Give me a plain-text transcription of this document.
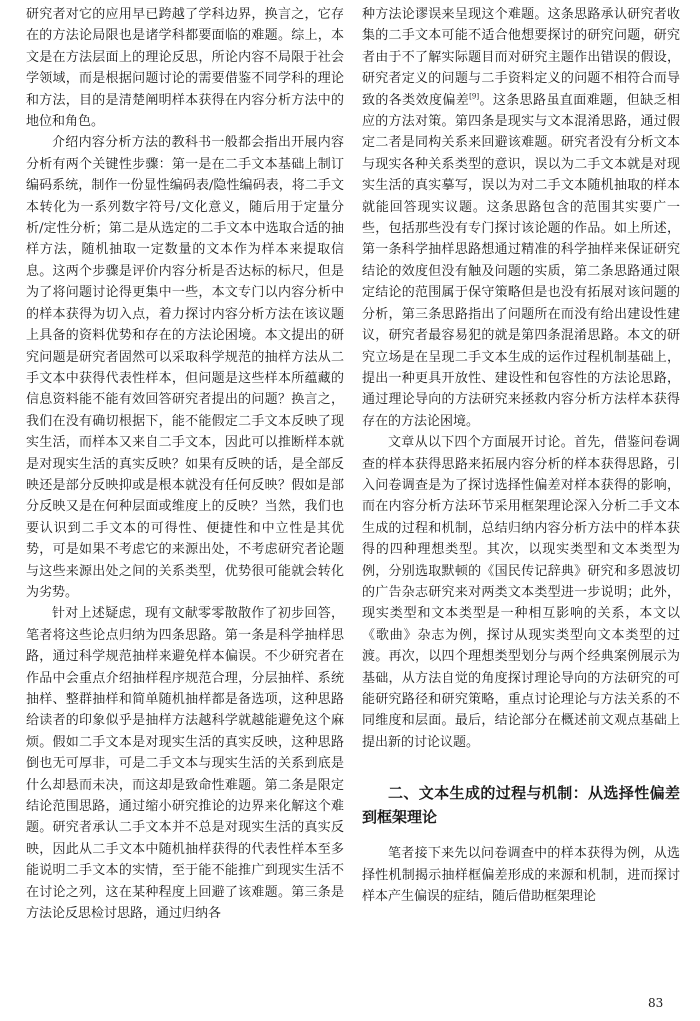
研究者对它的应用早已跨越了学科边界，换言之，它存在的方法论局限也是诸学科都要面临的难题。综上，本文是在方法层面上的理论反思，所论内容不局限于社会学领域，而是根据问题讨论的需要借鉴不同学科的理论和方法，目的是清楚阐明样本获得在内容分析方法中的地位和角色。

介绍内容分析方法的教科书一般都会指出开展内容分析有两个关键性步骤：第一是在二手文本基础上制订编码系统，制作一份显性编码表/隐性编码表，将二手文本转化为一系列数字符号/文化意义，随后用于定量分析/定性分析；第二是从选定的二手文本中选取合适的抽样方法，随机抽取一定数量的文本作为样本来提取信息。这两个步骤是评价内容分析是否达标的标尺，但是为了将问题讨论得更集中一些，本文专门以内容分析中的样本获得为切入点，着力探讨内容分析方法在该议题上具备的资料优势和存在的方法论困境。本文提出的研究问题是研究者固然可以采取科学规范的抽样方法从二手文本中获得代表性样本，但问题是这些样本所蕴藏的信息资料能不能有效回答研究者提出的问题？换言之，我们在没有确切根据下，能不能假定二手文本反映了现实生活，而样本又来自二手文本，因此可以推断样本就是对现实生活的真实反映？如果有反映的话，是全部反映还是部分反映抑或是根本就没有任何反映？假如是部分反映又是在何种层面或维度上的反映？当然，我们也要认识到二手文本的可得性、便捷性和中立性是其优势，可是如果不考虑它的来源出处，不考虑研究者论题与这些来源出处之间的关系类型，优势很可能就会转化为劣势。

针对上述疑虑，现有文献零零散散作了初步回答，笔者将这些论点归纳为四条思路。第一条是科学抽样思路，通过科学规范抽样来避免样本偏误。不少研究者在作品中会重点介绍抽样程序规范合理，分层抽样、系统抽样、整群抽样和简单随机抽样都是备选项，这种思路给读者的印象似乎是抽样方法越科学就越能避免这个麻烦。假如二手文本是对现实生活的真实反映，这种思路倒也无可厚非，可是二手文本与现实生活的关系到底是什么却悬而未决，而这却是致命性难题。第二条是限定结论范围思路，通过缩小研究推论的边界来化解这个难题。研究者承认二手文本并不总是对现实生活的真实反映，因此从二手文本中随机抽样获得的代表性样本至多能说明二手文本的实情，至于能不能推广到现实生活不在讨论之列，这在某种程度上回避了该难题。第三条是方法论反思检讨思路，通过归纳各

种方法论谬误来呈现这个难题。这条思路承认研究者收集的二手文本可能不适合他想要探讨的研究问题，研究者由于不了解实际题目而对研究主题作出错误的假设，研究者定义的问题与二手资料定义的问题不相符合而导致的各类效度偏差[9]。这条思路虽直面难题，但缺乏相应的方法对策。第四条是现实与文本混淆思路，通过假定二者是同构关系来回避该难题。研究者没有分析文本与现实各种关系类型的意识，误以为二手文本就是对现实生活的真实摹写，误以为对二手文本随机抽取的样本就能回答现实议题。这条思路包含的范围其实要广一些，包括那些没有专门探讨该论题的作品。如上所述，第一条科学抽样思路想通过精准的科学抽样来保证研究结论的效度但没有触及问题的实质，第二条思路通过限定结论的范围属于保守策略但是也没有拓展对该问题的分析，第三条思路指出了问题所在而没有给出建设性建议，研究者最容易犯的就是第四条混淆思路。本文的研究立场是在呈现二手文本生成的运作过程机制基础上，提出一种更具开放性、建设性和包容性的方法论思路，通过理论导向的方法研究来拯救内容分析方法样本获得存在的方法论困境。

文章从以下四个方面展开讨论。首先，借鉴问卷调查的样本获得思路来拓展内容分析的样本获得思路，引入问卷调查是为了探讨选择性偏差对样本获得的影响，而在内容分析方法环节采用框架理论深入分析二手文本生成的过程和机制，总结归纳内容分析方法中的样本获得的四种理想类型。其次，以现实类型和文本类型为例，分别选取默顿的《国民传记辞典》研究和多恩波切的广告杂志研究来对两类文本类型进一步说明；此外，现实类型和文本类型是一种相互影响的关系，本文以《歌曲》杂志为例，探讨从现实类型向文本类型的过渡。再次，以四个理想类型划分与两个经典案例展示为基础，从方法自觉的角度探讨理论导向的方法研究的可能研究路径和研究策略，重点讨论理论与方法关系的不同维度和层面。最后，结论部分在概述前文观点基础上提出新的讨论议题。

二、文本生成的过程与机制：从选择性偏差到框架理论

笔者接下来先以问卷调查中的样本获得为例，从选择性机制揭示抽样框偏差形成的来源和机制，进而探讨样本产生偏误的症结，随后借助框架理论

83
